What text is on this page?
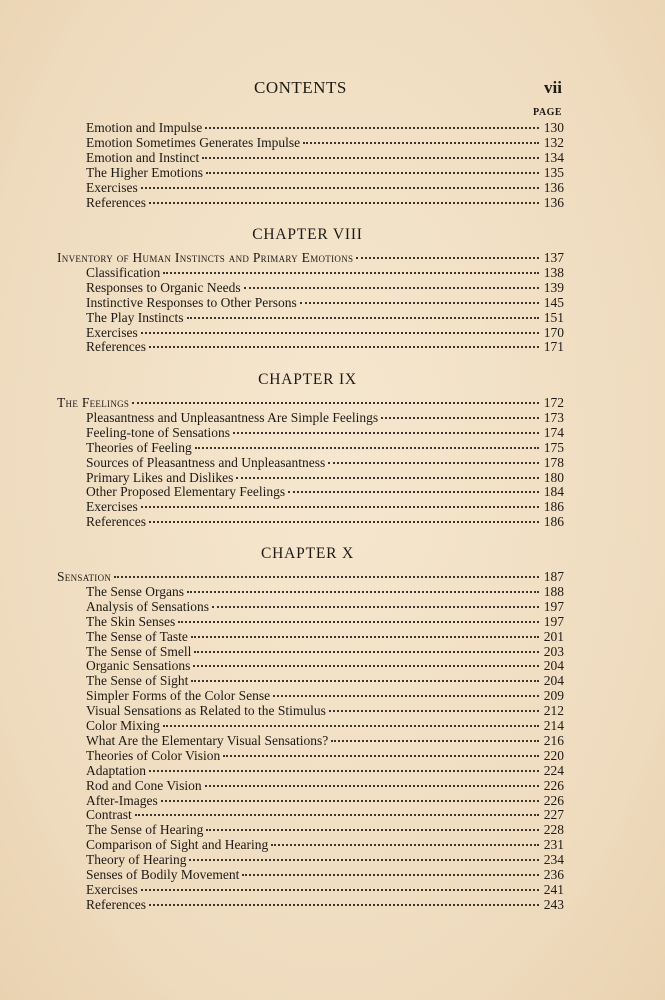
CONTENTS	vii
PAGE
Emotion and Impulse	130
Emotion Sometimes Generates Impulse	132
Emotion and Instinct	134
The Higher Emotions	135
Exercises	136
References	136
CHAPTER VIII
Inventory of Human Instincts and Primary Emotions	137
Classification	138
Responses to Organic Needs	139
Instinctive Responses to Other Persons	145
The Play Instincts	151
Exercises	170
References	171
CHAPTER IX
The Feelings	172
Pleasantness and Unpleasantness Are Simple Feelings	173
Feeling-tone of Sensations	174
Theories of Feeling	175
Sources of Pleasantness and Unpleasantness	178
Primary Likes and Dislikes	180
Other Proposed Elementary Feelings	184
Exercises	186
References	186
CHAPTER X
Sensation	187
The Sense Organs	188
Analysis of Sensations	197
The Skin Senses	197
The Sense of Taste	201
The Sense of Smell	203
Organic Sensations	204
The Sense of Sight	204
Simpler Forms of the Color Sense	209
Visual Sensations as Related to the Stimulus	212
Color Mixing	214
What Are the Elementary Visual Sensations?	216
Theories of Color Vision	220
Adaptation	224
Rod and Cone Vision	226
After-Images	226
Contrast	227
The Sense of Hearing	228
Comparison of Sight and Hearing	231
Theory of Hearing	234
Senses of Bodily Movement	236
Exercises	241
References	243
